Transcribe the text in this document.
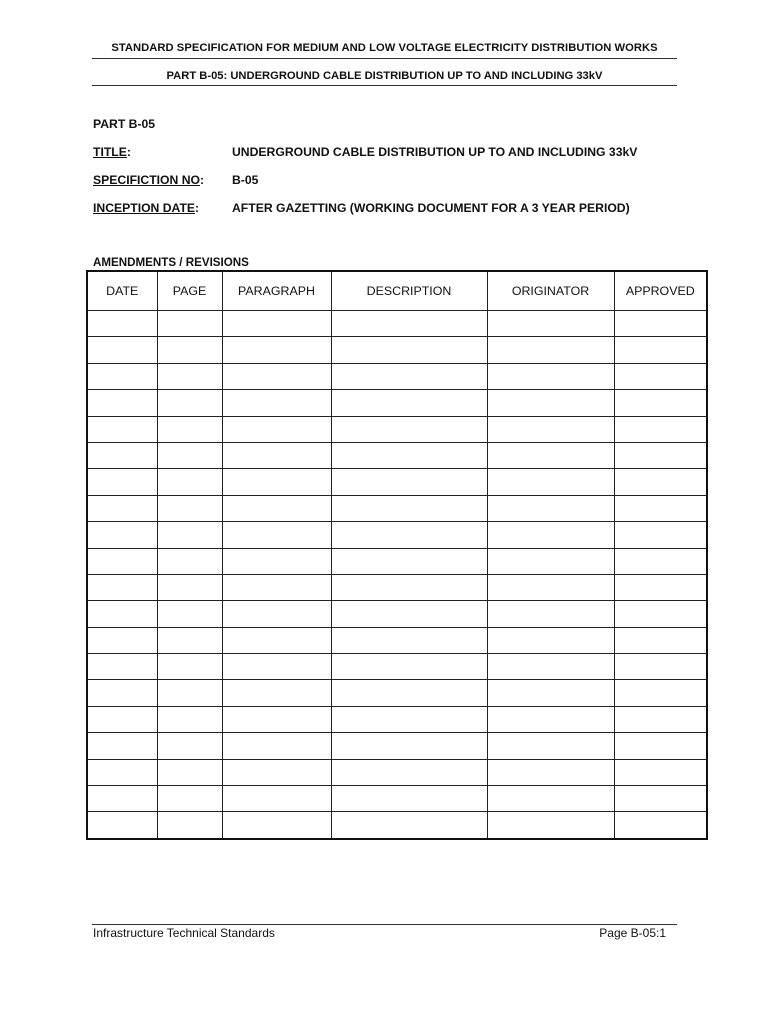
STANDARD SPECIFICATION FOR MEDIUM AND LOW VOLTAGE ELECTRICITY DISTRIBUTION WORKS
PART B-05: UNDERGROUND CABLE DISTRIBUTION UP TO AND INCLUDING 33kV
PART B-05
TITLE:	UNDERGROUND CABLE DISTRIBUTION UP TO AND INCLUDING 33kV
SPECIFICTION NO: B-05
INCEPTION DATE:	AFTER GAZETTING (WORKING DOCUMENT FOR A 3 YEAR PERIOD)
AMENDMENTS / REVISIONS
DATE	PAGE	PARAGRAPH	DESCRIPTION	ORIGINATOR	APPROVED

Infrastructure Technical Standards	Page B-05:1
